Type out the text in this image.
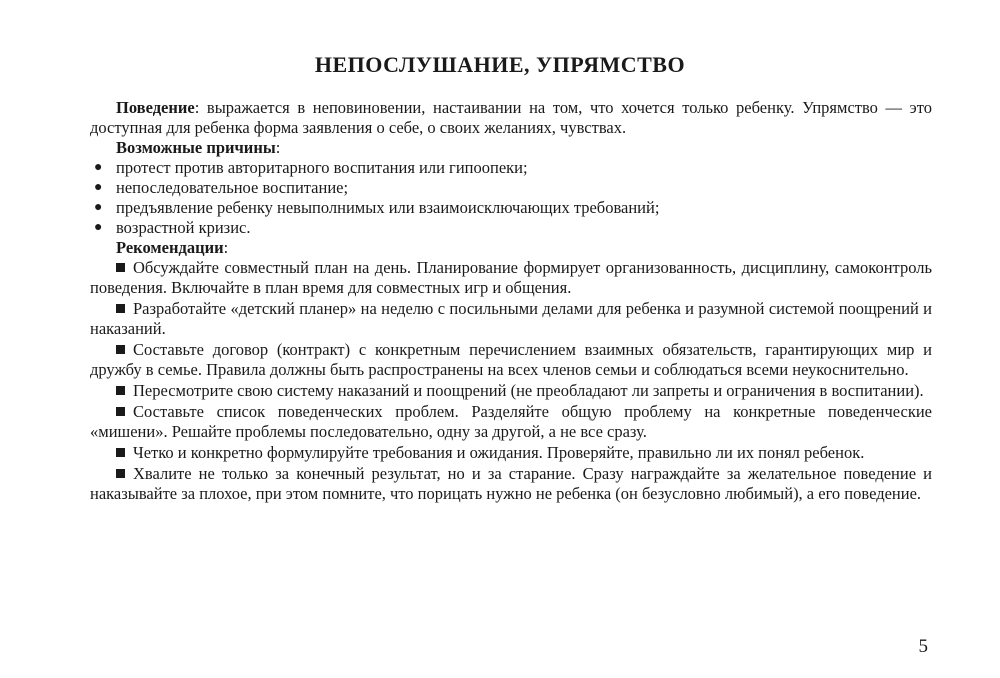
НЕПОСЛУШАНИЕ, УПРЯМСТВО

Поведение: выражается в неповиновении, настаивании на том, что хочется только ребенку. Упрямство — это доступная для ребенка форма заявления о себе, о своих желаниях, чувствах.

Возможные причины:

● протест против авторитарного воспитания или гипоопеки;
● непоследовательное воспитание;
● предъявление ребенку невыполнимых или взаимоисключающих требований;
● возрастной кризис.

Рекомендации:

Обсуждайте совместный план на день. Планирование формирует организованность, дисциплину, самоконтроль поведения. Включайте в план время для совместных игр и общения.
Разработайте «детский планер» на неделю с посильными делами для ребенка и разумной системой поощрений и наказаний.
Составьте договор (контракт) с конкретным перечислением взаимных обязательств, гарантирующих мир и дружбу в семье. Правила должны быть распространены на всех членов семьи и соблюдаться всеми неукоснительно.
Пересмотрите свою систему наказаний и поощрений (не преобладают ли запреты и ограничения в воспитании).
Составьте список поведенческих проблем. Разделяйте общую проблему на конкретные поведенческие «мишени». Решайте проблемы последовательно, одну за другой, а не все сразу.
Четко и конкретно формулируйте требования и ожидания. Проверяйте, правильно ли их понял ребенок.
Хвалите не только за конечный результат, но и за старание. Сразу награждайте за желательное поведение и наказывайте за плохое, при этом помните, что порицать нужно не ребенка (он безусловно любимый), а его поведение.
5
